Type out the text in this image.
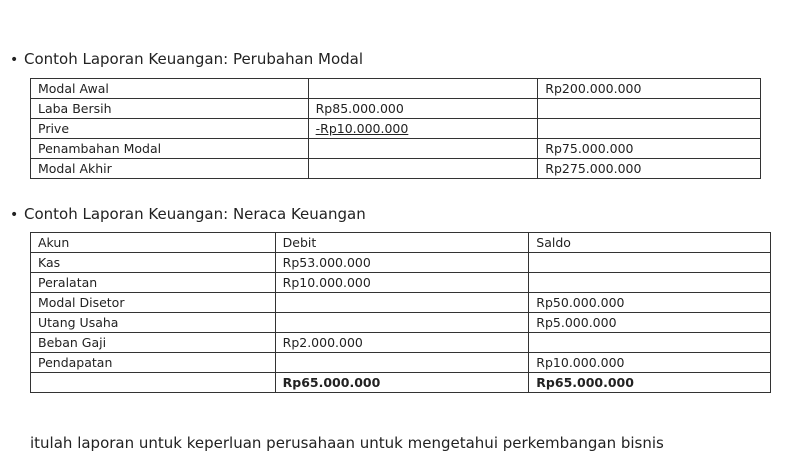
• Contoh Laporan Keuangan: Perubahan Modal
Modal Awal		Rp200.000.000
Laba Bersih	Rp85.000.000	
Prive	-Rp10.000.000	
Penambahan Modal		Rp75.000.000
Modal Akhir		Rp275.000.000
• Contoh Laporan Keuangan: Neraca Keuangan
Akun	Debit	Saldo
Kas	Rp53.000.000	
Peralatan	Rp10.000.000	
Modal Disetor		Rp50.000.000
Utang Usaha		Rp5.000.000
Beban Gaji	Rp2.000.000	
Pendapatan		Rp10.000.000
	Rp65.000.000	Rp65.000.000
itulah laporan untuk keperluan perusahaan untuk mengetahui perkembangan bisnis
